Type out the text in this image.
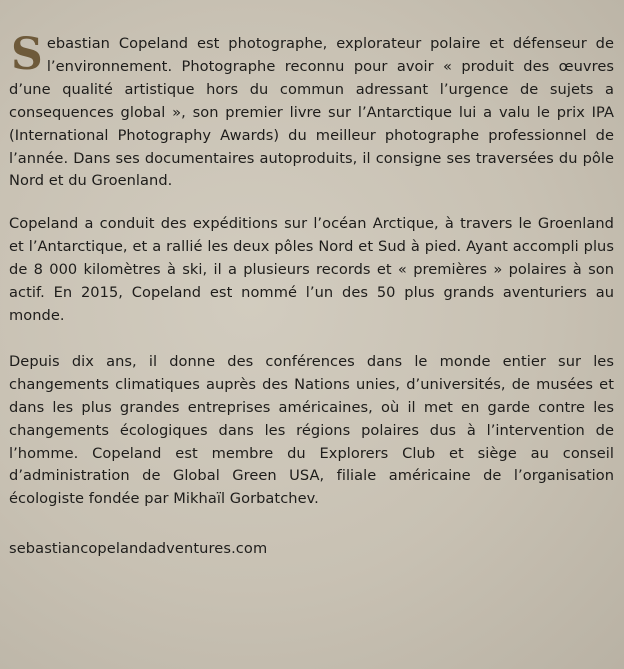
Sebastian Copeland est photographe, explorateur polaire et défenseur de l’environnement. Photographe reconnu pour avoir « produit des œuvres d’une qualité artistique hors du commun adressant l’urgence de sujets a consequences global », son premier livre sur l’Antarctique lui a valu le prix IPA (International Photography Awards) du meilleur photographe professionnel de l’année. Dans ses documentaires autoproduits, il consigne ses traversées du pôle Nord et du Groenland.

Copeland a conduit des expéditions sur l’océan Arctique, à travers le Groenland et l’Antarctique, et a rallié les deux pôles Nord et Sud à pied. Ayant accompli plus de 8 000 kilomètres à ski, il a plusieurs records et « premières » polaires à son actif. En 2015, Copeland est nommé l’un des 50 plus grands aventuriers au monde.

Depuis dix ans, il donne des conférences dans le monde entier sur les changements climatiques auprès des Nations unies, d’universités, de musées et dans les plus grandes entreprises américaines, où il met en garde contre les changements écologiques dans les régions polaires dus à l’intervention de l’homme. Copeland est membre du Explorers Club et siège au conseil d’administration de Global Green USA, filiale américaine de l’organisation écologiste fondée par Mikhaïl Gorbatchev.

sebastiancopelandadventures.com
